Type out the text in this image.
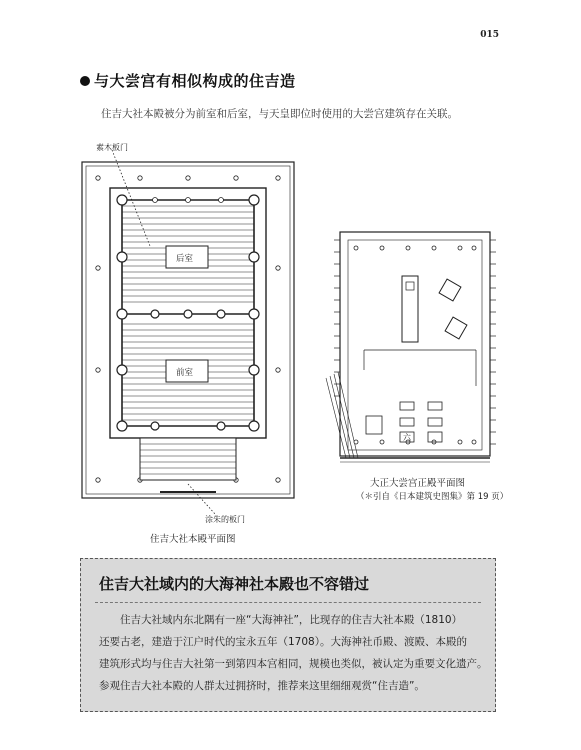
015
与大尝宫有相似构成的住吉造
住吉大社本殿被分为前室和后室，与天皇即位时使用的大尝宫建筑存在关联。
素木板门
后室
前室
涂朱的板门
住吉大社本殿平面图
六
大正大尝宫正殿平面图
（＊引自《日本建筑史图集》第 19 页）
住吉大社域内的大海神社本殿也不容错过
住吉大社域内东北隅有一座“大海神社”，比现存的住吉大社本殿（1810）
还要古老，建造于江户时代的宝永五年（1708）。大海神社币殿、渡殿、本殿的
建筑形式均与住吉大社第一到第四本宫相同，规模也类似，被认定为重要文化遗产。
参观住吉大社本殿的人群太过拥挤时，推荐来这里细细观赏“住吉造”。
